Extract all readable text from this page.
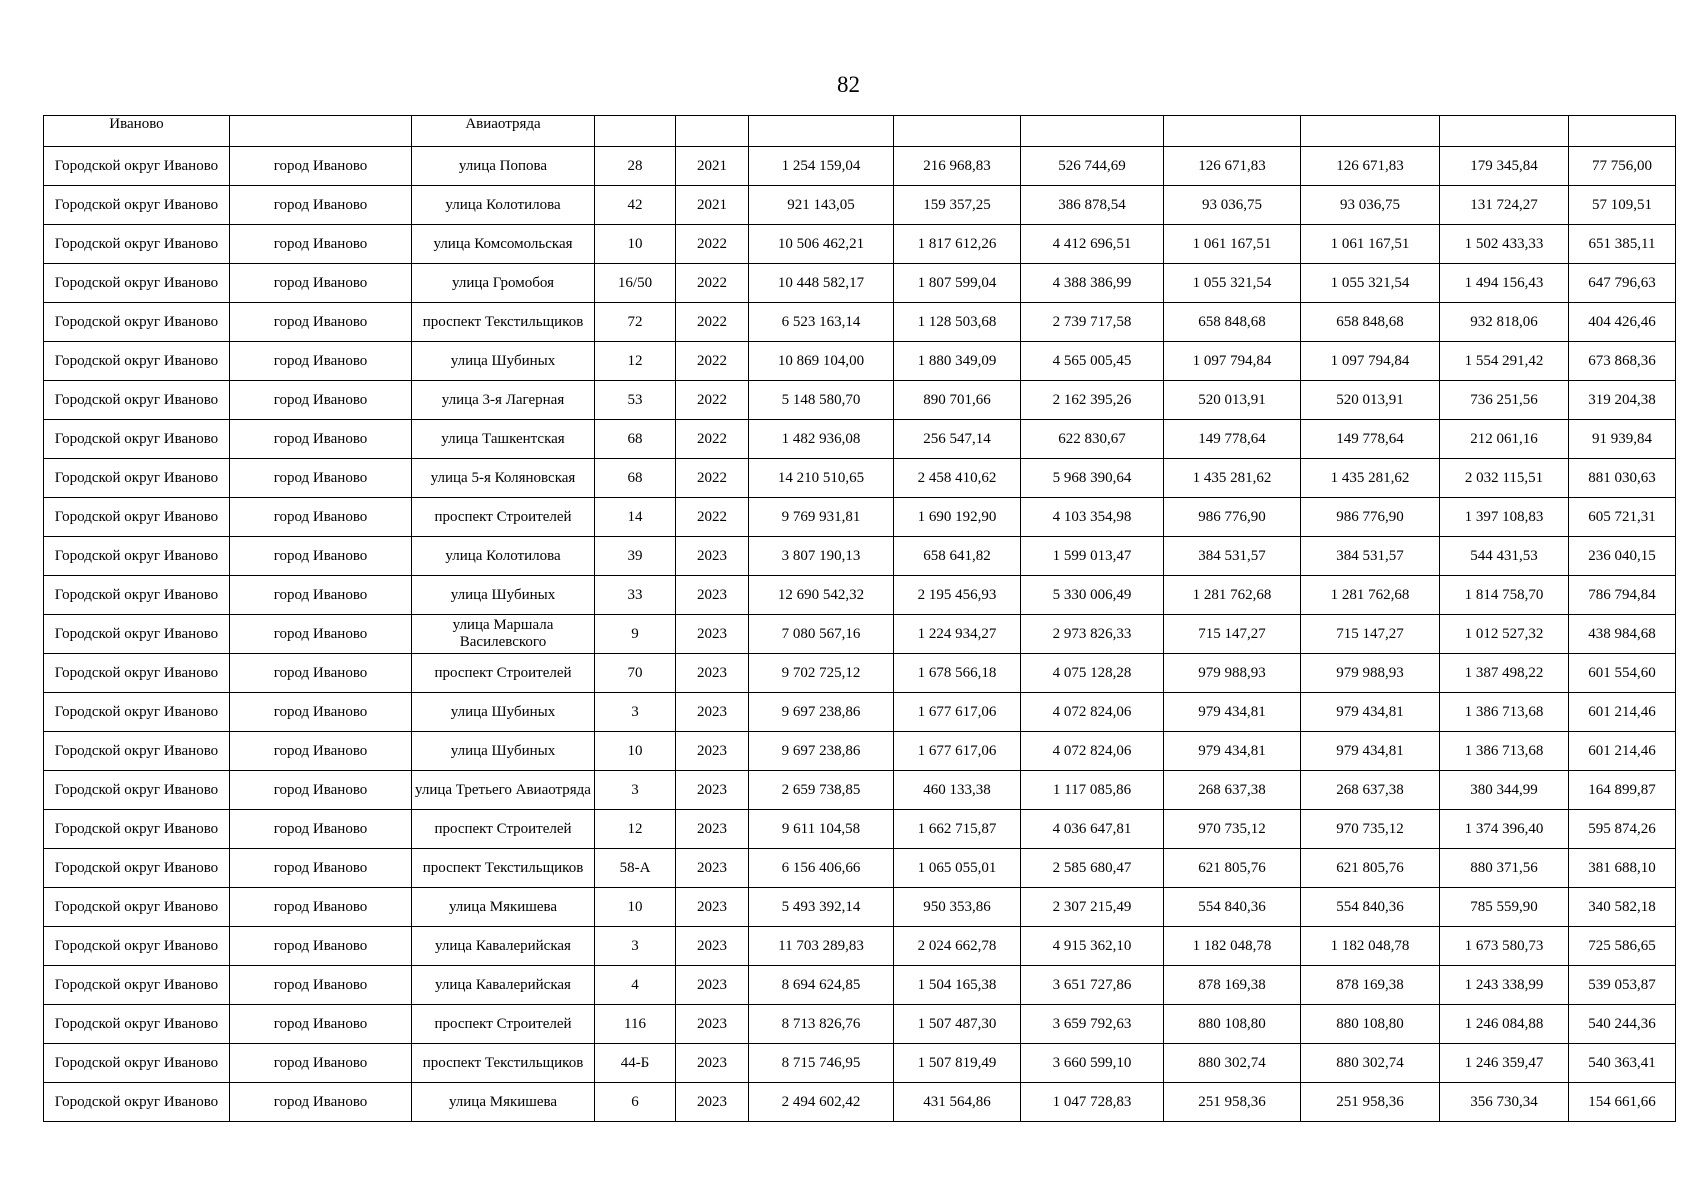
82
Иваново		Авиаотряда									
Городской округ Иваново	город Иваново	улица Попова	28	2021	1 254 159,04	216 968,83	526 744,69	126 671,83	126 671,83	179 345,84	77 756,00
Городской округ Иваново	город Иваново	улица Колотилова	42	2021	921 143,05	159 357,25	386 878,54	93 036,75	93 036,75	131 724,27	57 109,51
Городской округ Иваново	город Иваново	улица Комсомольская	10	2022	10 506 462,21	1 817 612,26	4 412 696,51	1 061 167,51	1 061 167,51	1 502 433,33	651 385,11
Городской округ Иваново	город Иваново	улица Громобоя	16/50	2022	10 448 582,17	1 807 599,04	4 388 386,99	1 055 321,54	1 055 321,54	1 494 156,43	647 796,63
Городской округ Иваново	город Иваново	проспект Текстильщиков	72	2022	6 523 163,14	1 128 503,68	2 739 717,58	658 848,68	658 848,68	932 818,06	404 426,46
Городской округ Иваново	город Иваново	улица Шубиных	12	2022	10 869 104,00	1 880 349,09	4 565 005,45	1 097 794,84	1 097 794,84	1 554 291,42	673 868,36
Городской округ Иваново	город Иваново	улица 3-я Лагерная	53	2022	5 148 580,70	890 701,66	2 162 395,26	520 013,91	520 013,91	736 251,56	319 204,38
Городской округ Иваново	город Иваново	улица Ташкентская	68	2022	1 482 936,08	256 547,14	622 830,67	149 778,64	149 778,64	212 061,16	91 939,84
Городской округ Иваново	город Иваново	улица 5-я Коляновская	68	2022	14 210 510,65	2 458 410,62	5 968 390,64	1 435 281,62	1 435 281,62	2 032 115,51	881 030,63
Городской округ Иваново	город Иваново	проспект Строителей	14	2022	9 769 931,81	1 690 192,90	4 103 354,98	986 776,90	986 776,90	1 397 108,83	605 721,31
Городской округ Иваново	город Иваново	улица Колотилова	39	2023	3 807 190,13	658 641,82	1 599 013,47	384 531,57	384 531,57	544 431,53	236 040,15
Городской округ Иваново	город Иваново	улица Шубиных	33	2023	12 690 542,32	2 195 456,93	5 330 006,49	1 281 762,68	1 281 762,68	1 814 758,70	786 794,84
Городской округ Иваново	город Иваново	улица Маршала Василевского	9	2023	7 080 567,16	1 224 934,27	2 973 826,33	715 147,27	715 147,27	1 012 527,32	438 984,68
Городской округ Иваново	город Иваново	проспект Строителей	70	2023	9 702 725,12	1 678 566,18	4 075 128,28	979 988,93	979 988,93	1 387 498,22	601 554,60
Городской округ Иваново	город Иваново	улица Шубиных	3	2023	9 697 238,86	1 677 617,06	4 072 824,06	979 434,81	979 434,81	1 386 713,68	601 214,46
Городской округ Иваново	город Иваново	улица Шубиных	10	2023	9 697 238,86	1 677 617,06	4 072 824,06	979 434,81	979 434,81	1 386 713,68	601 214,46
Городской округ Иваново	город Иваново	улица Третьего Авиаотряда	3	2023	2 659 738,85	460 133,38	1 117 085,86	268 637,38	268 637,38	380 344,99	164 899,87
Городской округ Иваново	город Иваново	проспект Строителей	12	2023	9 611 104,58	1 662 715,87	4 036 647,81	970 735,12	970 735,12	1 374 396,40	595 874,26
Городской округ Иваново	город Иваново	проспект Текстильщиков	58-А	2023	6 156 406,66	1 065 055,01	2 585 680,47	621 805,76	621 805,76	880 371,56	381 688,10
Городской округ Иваново	город Иваново	улица Мякишева	10	2023	5 493 392,14	950 353,86	2 307 215,49	554 840,36	554 840,36	785 559,90	340 582,18
Городской округ Иваново	город Иваново	улица Кавалерийская	3	2023	11 703 289,83	2 024 662,78	4 915 362,10	1 182 048,78	1 182 048,78	1 673 580,73	725 586,65
Городской округ Иваново	город Иваново	улица Кавалерийская	4	2023	8 694 624,85	1 504 165,38	3 651 727,86	878 169,38	878 169,38	1 243 338,99	539 053,87
Городской округ Иваново	город Иваново	проспект Строителей	116	2023	8 713 826,76	1 507 487,30	3 659 792,63	880 108,80	880 108,80	1 246 084,88	540 244,36
Городской округ Иваново	город Иваново	проспект Текстильщиков	44-Б	2023	8 715 746,95	1 507 819,49	3 660 599,10	880 302,74	880 302,74	1 246 359,47	540 363,41
Городской округ Иваново	город Иваново	улица Мякишева	6	2023	2 494 602,42	431 564,86	1 047 728,83	251 958,36	251 958,36	356 730,34	154 661,66
